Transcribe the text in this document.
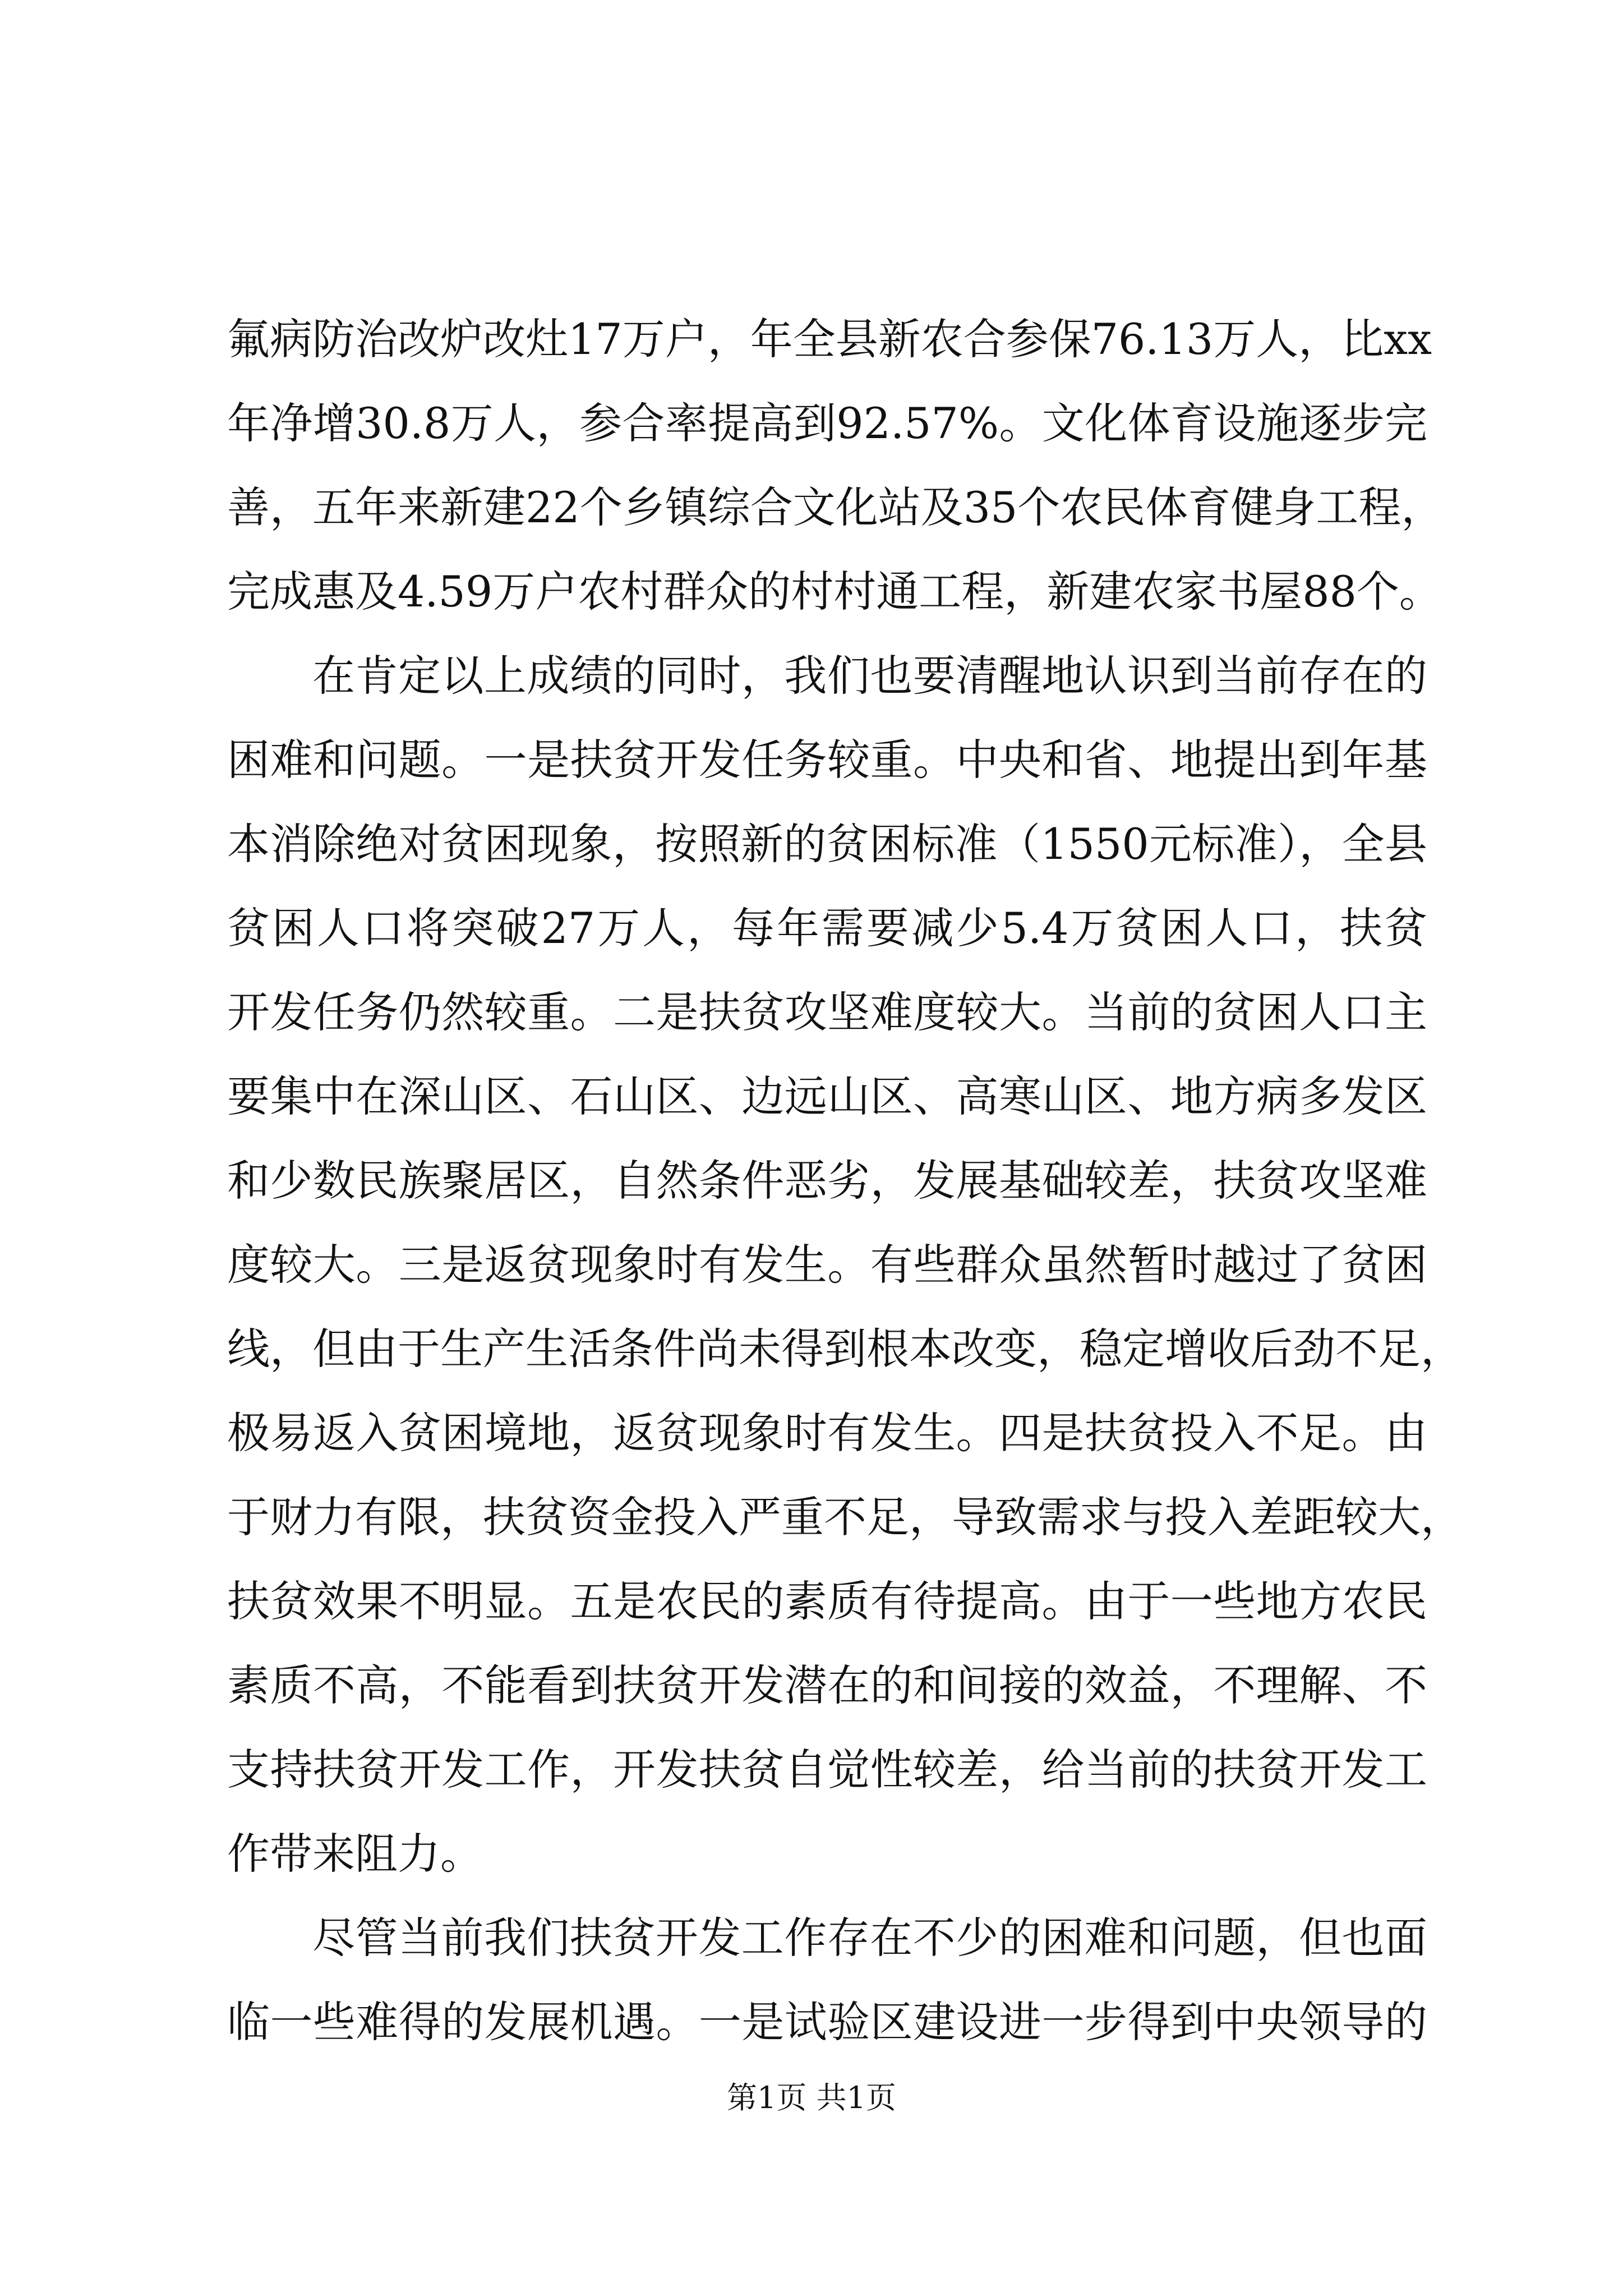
氟病防治改炉改灶17万户，年全县新农合参保76.13万人，比xx
年净增30.8万人，参合率提高到92.57%。文化体育设施逐步完
善，五年来新建22个乡镇综合文化站及35个农民体育健身工程，
完成惠及4.59万户农村群众的村村通工程，新建农家书屋88个。
在肯定以上成绩的同时，我们也要清醒地认识到当前存在的
困难和问题。一是扶贫开发任务较重。中央和省、地提出到年基
本消除绝对贫困现象，按照新的贫困标准（1550元标准），全县
贫困人口将突破27万人，每年需要减少5.4万贫困人口，扶贫
开发任务仍然较重。二是扶贫攻坚难度较大。当前的贫困人口主
要集中在深山区、石山区、边远山区、高寒山区、地方病多发区
和少数民族聚居区，自然条件恶劣，发展基础较差，扶贫攻坚难
度较大。三是返贫现象时有发生。有些群众虽然暂时越过了贫困
线，但由于生产生活条件尚未得到根本改变，稳定增收后劲不足，
极易返入贫困境地，返贫现象时有发生。四是扶贫投入不足。由
于财力有限，扶贫资金投入严重不足，导致需求与投入差距较大，
扶贫效果不明显。五是农民的素质有待提高。由于一些地方农民
素质不高，不能看到扶贫开发潜在的和间接的效益，不理解、不
支持扶贫开发工作，开发扶贫自觉性较差，给当前的扶贫开发工
作带来阻力。
尽管当前我们扶贫开发工作存在不少的困难和问题，但也面
临一些难得的发展机遇。一是试验区建设进一步得到中央领导的
第1页 共1页
